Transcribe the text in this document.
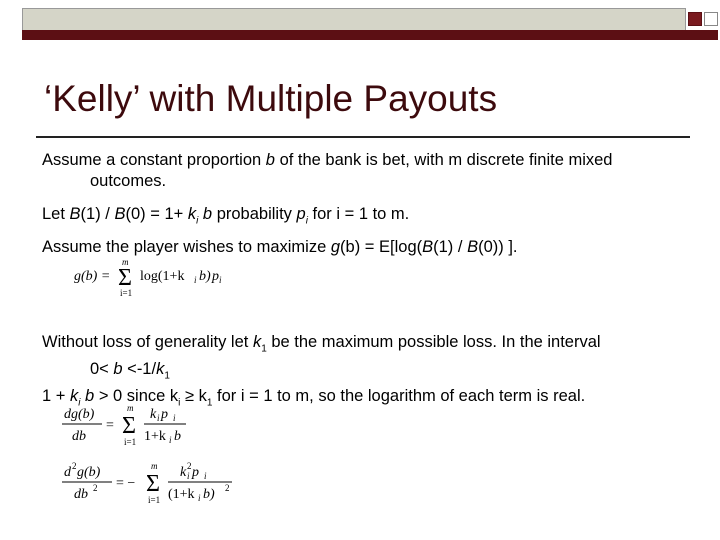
‘Kelly’ with Multiple Payouts
Assume a constant proportion b of the bank is bet, with m discrete finite mixed
outcomes.
Let $B(1) / B(0) = 1+ k_i$ b probability $p_i$ for i = 1 to m.
Assume the player wishes to maximize g(b) = E[log(B(1) / B(0)) ].
g(b) =
m
Σ
i=1
log(1+k i b) p i
Without loss of generality let $k_1$ be the maximum possible loss. In the interval
$0< b <-1/k_1$
$1 + k_i$ b > 0 since $k_i \ge k_1$ for i = 1 to m, so the logarithm of each term is real.
dg(b)
db
=
m
Σ
i=1
k i p i
1+k i b
d 2 g(b)
db 2 = −
m
Σ
i=1
k 2
i p i
(1+k i b) 2
